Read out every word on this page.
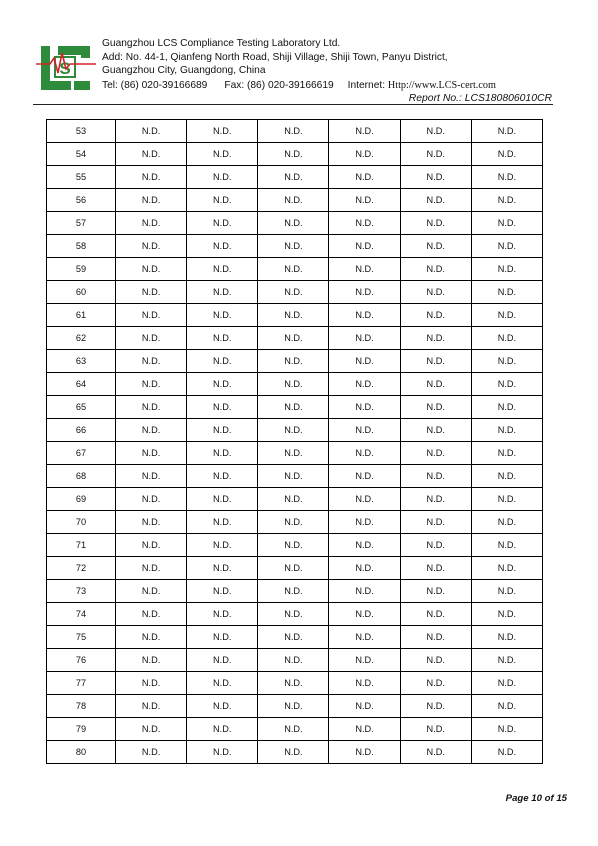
S
Guangzhou LCS Compliance Testing Laboratory Ltd.
Add: No. 44-1, Qianfeng North Road, Shiji Village, Shiji Town, Panyu District,
Guangzhou City, Guangdong, China
Tel: (86) 020-39166689 Fax: (86) 020-39166619 Internet: Http://www.LCS-cert.com
Report No.: LCS180806010CR
53	N.D.	N.D.	N.D.	N.D.	N.D.	N.D.
54	N.D.	N.D.	N.D.	N.D.	N.D.	N.D.
55	N.D.	N.D.	N.D.	N.D.	N.D.	N.D.
56	N.D.	N.D.	N.D.	N.D.	N.D.	N.D.
57	N.D.	N.D.	N.D.	N.D.	N.D.	N.D.
58	N.D.	N.D.	N.D.	N.D.	N.D.	N.D.
59	N.D.	N.D.	N.D.	N.D.	N.D.	N.D.
60	N.D.	N.D.	N.D.	N.D.	N.D.	N.D.
61	N.D.	N.D.	N.D.	N.D.	N.D.	N.D.
62	N.D.	N.D.	N.D.	N.D.	N.D.	N.D.
63	N.D.	N.D.	N.D.	N.D.	N.D.	N.D.
64	N.D.	N.D.	N.D.	N.D.	N.D.	N.D.
65	N.D.	N.D.	N.D.	N.D.	N.D.	N.D.
66	N.D.	N.D.	N.D.	N.D.	N.D.	N.D.
67	N.D.	N.D.	N.D.	N.D.	N.D.	N.D.
68	N.D.	N.D.	N.D.	N.D.	N.D.	N.D.
69	N.D.	N.D.	N.D.	N.D.	N.D.	N.D.
70	N.D.	N.D.	N.D.	N.D.	N.D.	N.D.
71	N.D.	N.D.	N.D.	N.D.	N.D.	N.D.
72	N.D.	N.D.	N.D.	N.D.	N.D.	N.D.
73	N.D.	N.D.	N.D.	N.D.	N.D.	N.D.
74	N.D.	N.D.	N.D.	N.D.	N.D.	N.D.
75	N.D.	N.D.	N.D.	N.D.	N.D.	N.D.
76	N.D.	N.D.	N.D.	N.D.	N.D.	N.D.
77	N.D.	N.D.	N.D.	N.D.	N.D.	N.D.
78	N.D.	N.D.	N.D.	N.D.	N.D.	N.D.
79	N.D.	N.D.	N.D.	N.D.	N.D.	N.D.
80	N.D.	N.D.	N.D.	N.D.	N.D.	N.D.
Page 10 of 15
